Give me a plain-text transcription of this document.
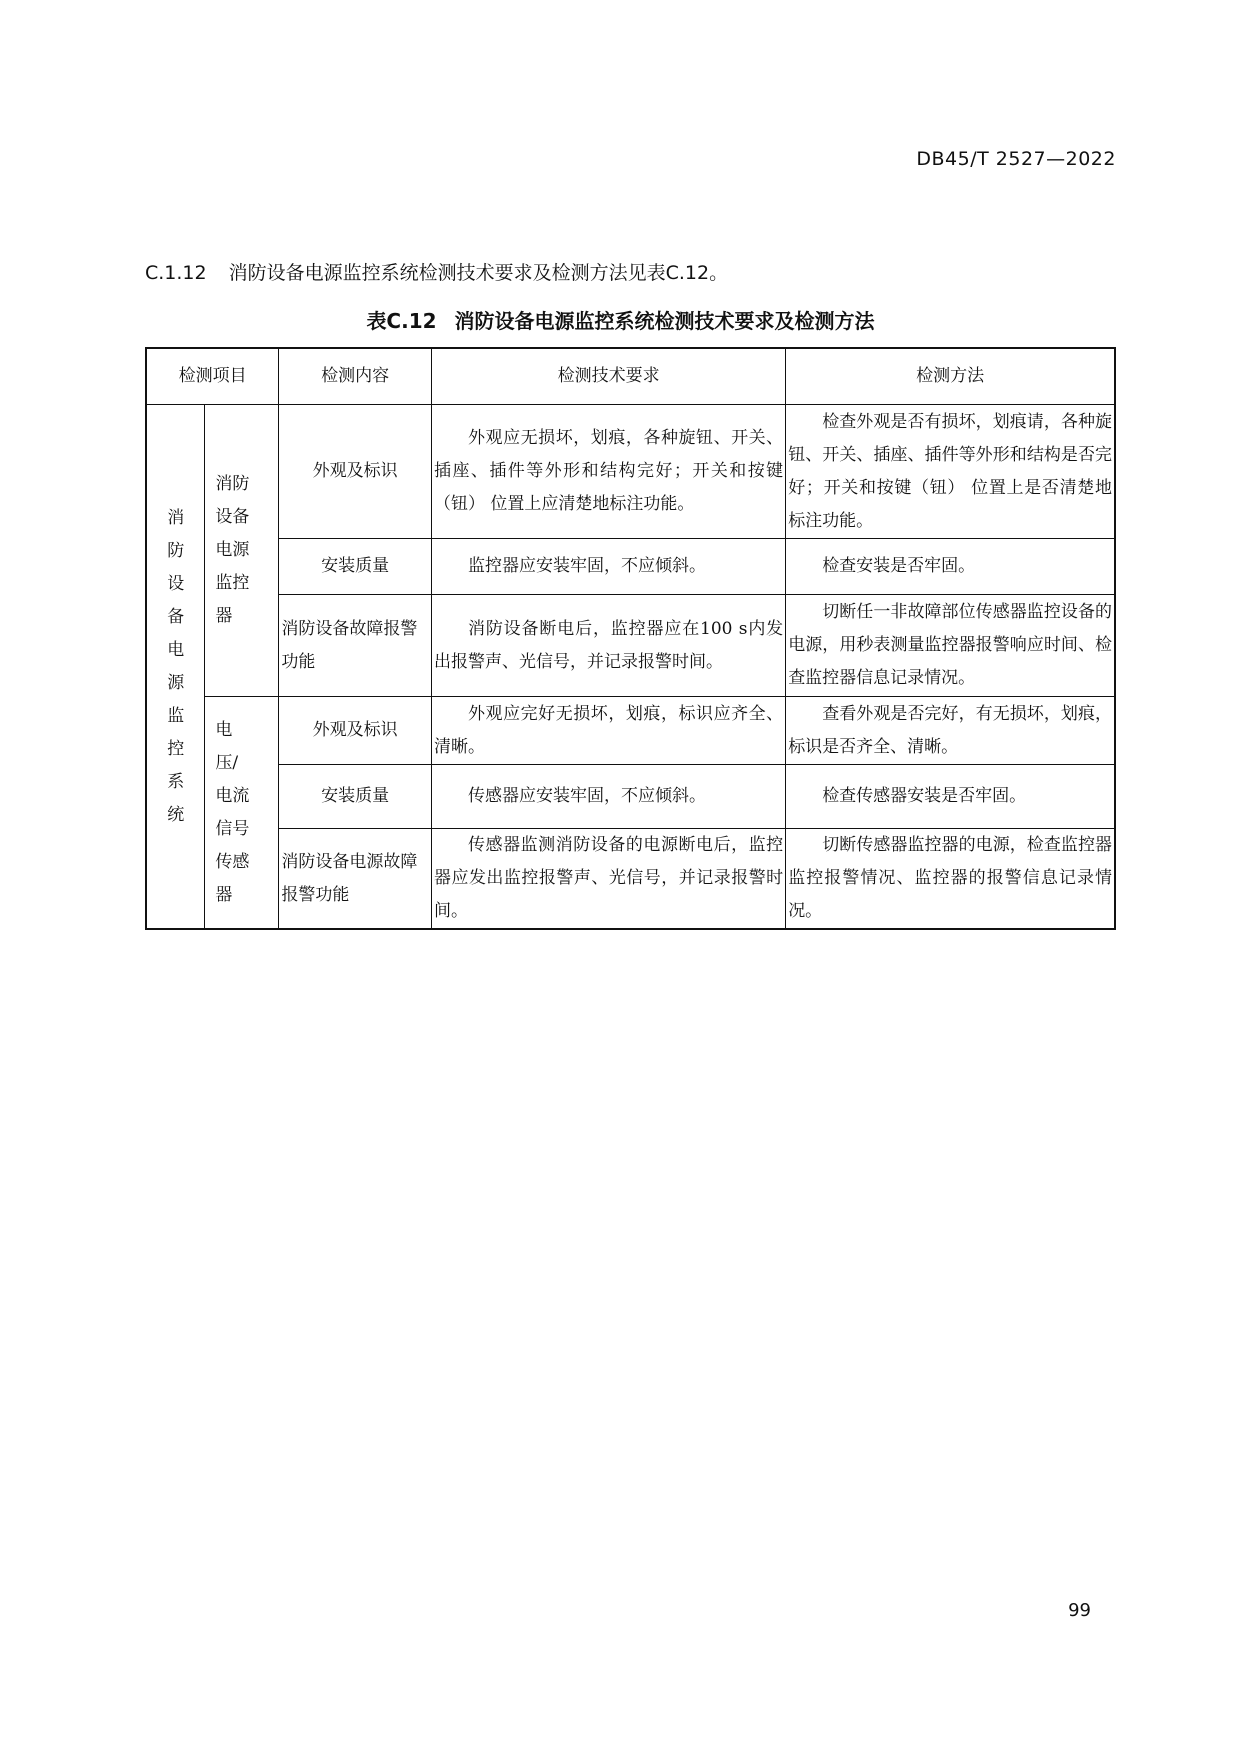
DB45/T 2527—2022
C.1.12 消防设备电源监控系统检测技术要求及检测方法见表C.12。
表C.12 消防设备电源监控系统检测技术要求及检测方法
检测项目		检测内容	检测技术要求	检测方法

消防设备电源监控系统	消防设备电源监控器	外观及标识	外观应无损坏，划痕，各种旋钮、开关、插座、插件等外形和结构完好；开关和按键（钮） 位置上应清楚地标注功能。	检查外观是否有损坏，划痕请，各种旋钮、开关、插座、插件等外形和结构是否完好；开关和按键（钮） 位置上是否清楚地标注功能。
		安装质量	监控器应安装牢固，不应倾斜。	检查安装是否牢固。
		消防设备故障报警功能	消防设备断电后，监控器应在100 s内发出报警声、光信号，并记录报警时间。	切断任一非故障部位传感器监控设备的电源，用秒表测量监控器报警响应时间、检查监控器信息记录情况。

	电压/电流信号传感器	外观及标识	外观应完好无损坏，划痕，标识应齐全、清晰。	查看外观是否完好，有无损坏，划痕，标识是否齐全、清晰。
		安装质量	传感器应安装牢固，不应倾斜。	检查传感器安装是否牢固。
		消防设备电源故障报警功能	传感器监测消防设备的电源断电后，监控器应发出监控报警声、光信号，并记录报警时间。	切断传感器监控器的电源，检查监控器监控报警情况、监控器的报警信息记录情况。
99
